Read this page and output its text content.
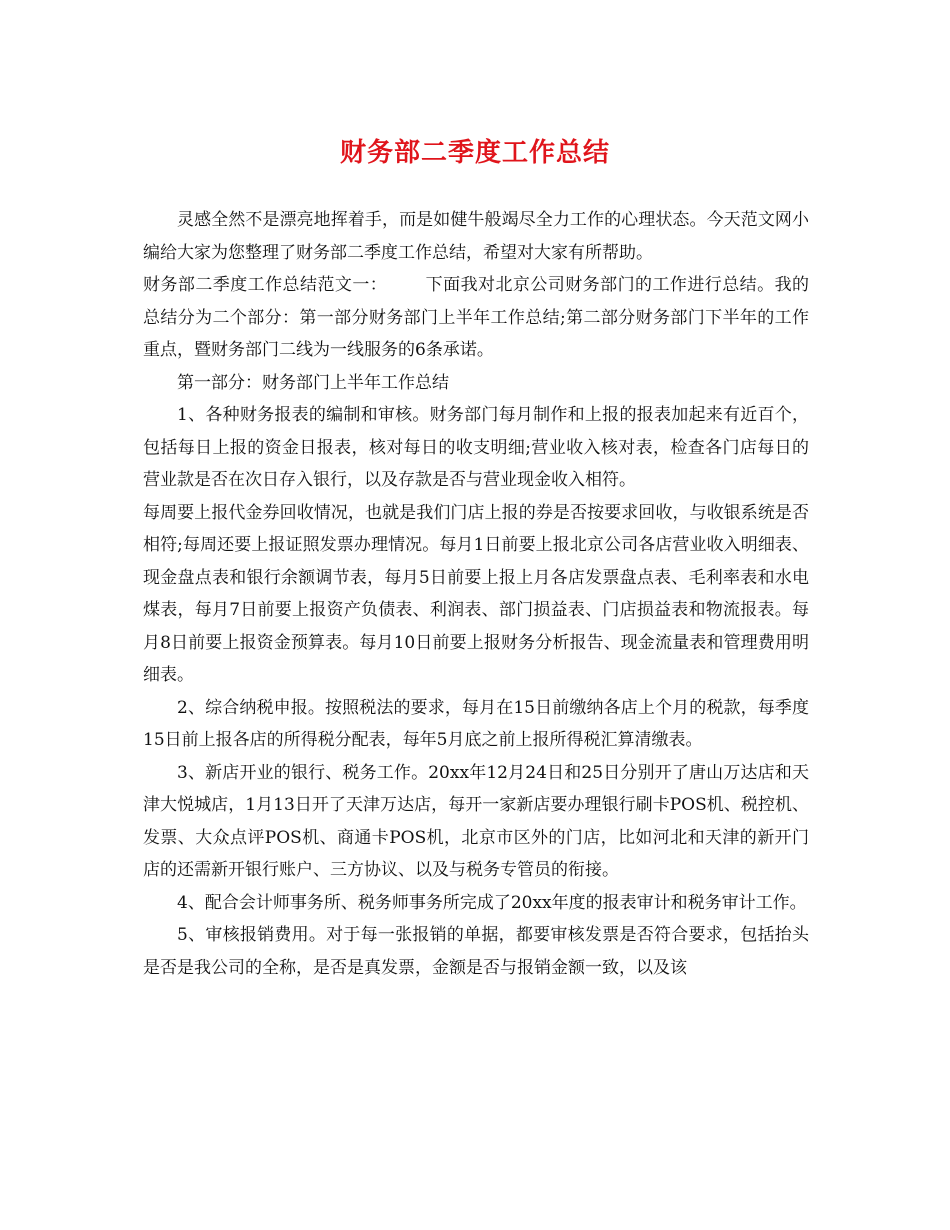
财务部二季度工作总结

灵感全然不是漂亮地挥着手，而是如健牛般竭尽全力工作的心理状态。今天范文网小编给大家为您整理了财务部二季度工作总结，希望对大家有所帮助。

财务部二季度工作总结范文一： 下面我对北京公司财务部门的工作进行总结。我的总结分为二个部分：第一部分财务部门上半年工作总结;第二部分财务部门下半年的工作重点，暨财务部门二线为一线服务的6条承诺。

第一部分：财务部门上半年工作总结

1、各种财务报表的编制和审核。财务部门每月制作和上报的报表加起来有近百个，包括每日上报的资金日报表，核对每日的收支明细;营业收入核对表，检查各门店每日的营业款是否在次日存入银行，以及存款是否与营业现金收入相符。

每周要上报代金券回收情况，也就是我们门店上报的券是否按要求回收，与收银系统是否相符;每周还要上报证照发票办理情况。每月1日前要上报北京公司各店营业收入明细表、现金盘点表和银行余额调节表，每月5日前要上报上月各店发票盘点表、毛利率表和水电煤表，每月7日前要上报资产负债表、利润表、部门损益表、门店损益表和物流报表。每月8日前要上报资金预算表。每月10日前要上报财务分析报告、现金流量表和管理费用明细表。

2、综合纳税申报。按照税法的要求，每月在15日前缴纳各店上个月的税款，每季度15日前上报各店的所得税分配表，每年5月底之前上报所得税汇算清缴表。

3、新店开业的银行、税务工作。20xx年12月24日和25日分别开了唐山万达店和天津大悦城店，1月13日开了天津万达店，每开一家新店要办理银行刷卡POS机、税控机、发票、大众点评POS机、商通卡POS机，北京市区外的门店，比如河北和天津的新开门店的还需新开银行账户、三方协议、以及与税务专管员的衔接。

4、配合会计师事务所、税务师事务所完成了20xx年度的报表审计和税务审计工作。

5、审核报销费用。对于每一张报销的单据，都要审核发票是否符合要求，包括抬头是否是我公司的全称，是否是真发票，金额是否与报销金额一致，以及该
